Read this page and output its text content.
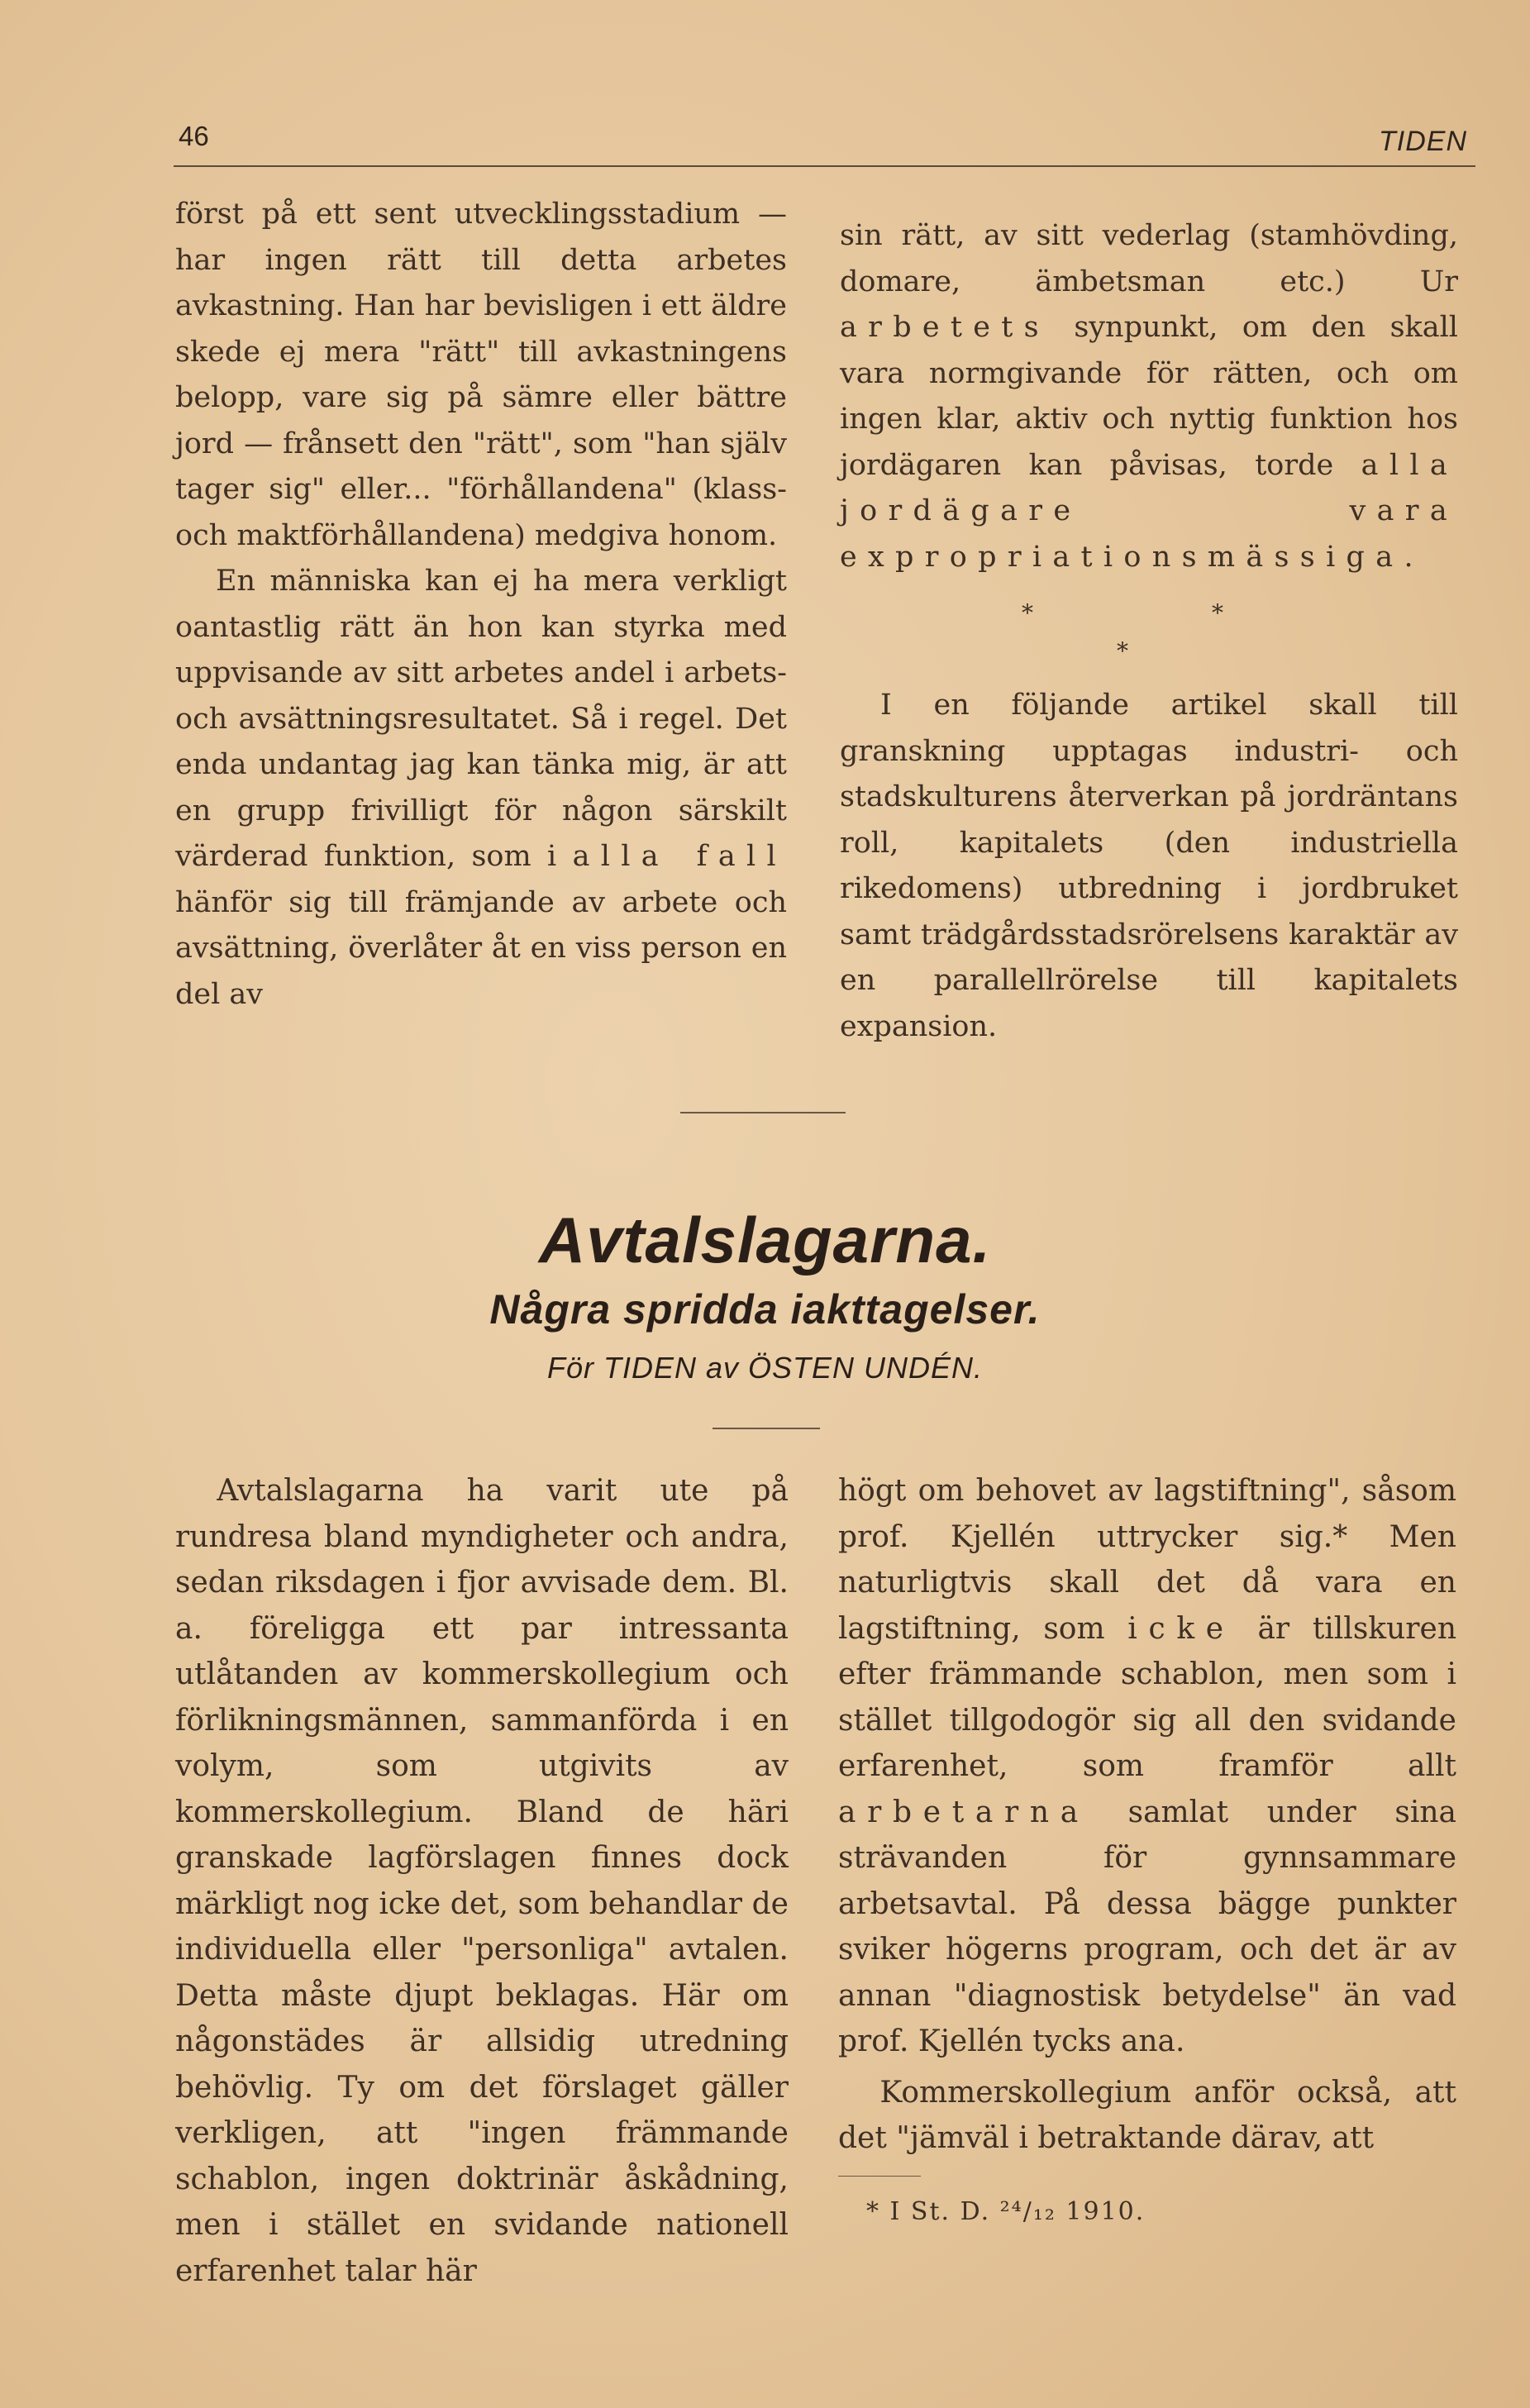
46	TIDEN

först på ett sent utvecklingsstadium — har ingen rätt till detta arbetes avkastning. Han har bevisligen i ett äldre skede ej mera "rätt" till avkastningens belopp, vare sig på sämre eller bättre jord — frånsett den "rätt", som "han själv tager sig" eller... "förhållandena" (klass- och maktförhållandena) medgiva honom.

En människa kan ej ha mera verkligt oantastlig rätt än hon kan styrka med uppvisande av sitt arbetes andel i arbets- och avsättningsresultatet. Så i regel. Det enda undantag jag kan tänka mig, är att en grupp frivilligt för någon särskilt värderad funktion, som i alla fall hänför sig till främjande av arbete och avsättning, överlåter åt en viss person en del av

sin rätt, av sitt vederlag (stamhövding, domare, ämbetsman etc.) Ur arbetets synpunkt, om den skall vara normgivande för rätten, och om ingen klar, aktiv och nyttig funktion hos jordägaren kan påvisas, torde alla jordägare vara expropriationsmässiga.

*	*
*

I en följande artikel skall till granskning upptagas industri- och stadskulturens återverkan på jordräntans roll, kapitalets (den industriella rikedomens) utbredning i jordbruket samt trädgårdsstadsrörelsens karaktär av en parallellrörelse till kapitalets expansion.

Avtalslagarna.
Några spridda iakttagelser.
För TIDEN av ÖSTEN UNDÉN.

Avtalslagarna ha varit ute på rundresa bland myndigheter och andra, sedan riksdagen i fjor avvisade dem. Bl. a. föreligga ett par intressanta utlåtanden av kommerskollegium och förlikningsmännen, sammanförda i en volym, som utgivits av kommerskollegium. Bland de häri granskade lagförslagen finnes dock märkligt nog icke det, som behandlar de individuella eller "personliga" avtalen. Detta måste djupt beklagas. Här om någonstädes är allsidig utredning behövlig. Ty om det förslaget gäller verkligen, att "ingen främmande schablon, ingen doktrinär åskådning, men i stället en svidande nationell erfarenhet talar här

högt om behovet av lagstiftning", såsom prof. Kjellén uttrycker sig.* Men naturligtvis skall det då vara en lagstiftning, som icke är tillskuren efter främmande schablon, men som i stället tillgodogör sig all den svidande erfarenhet, som framför allt arbetarna samlat under sina strävanden för gynnsammare arbetsavtal. På dessa bägge punkter sviker högerns program, och det är av annan "diagnostisk betydelse" än vad prof. Kjellén tycks ana.

Kommerskollegium anför också, att det "jämväl i betraktande därav, att

* I St. D. ²⁴/₁₂ 1910.
